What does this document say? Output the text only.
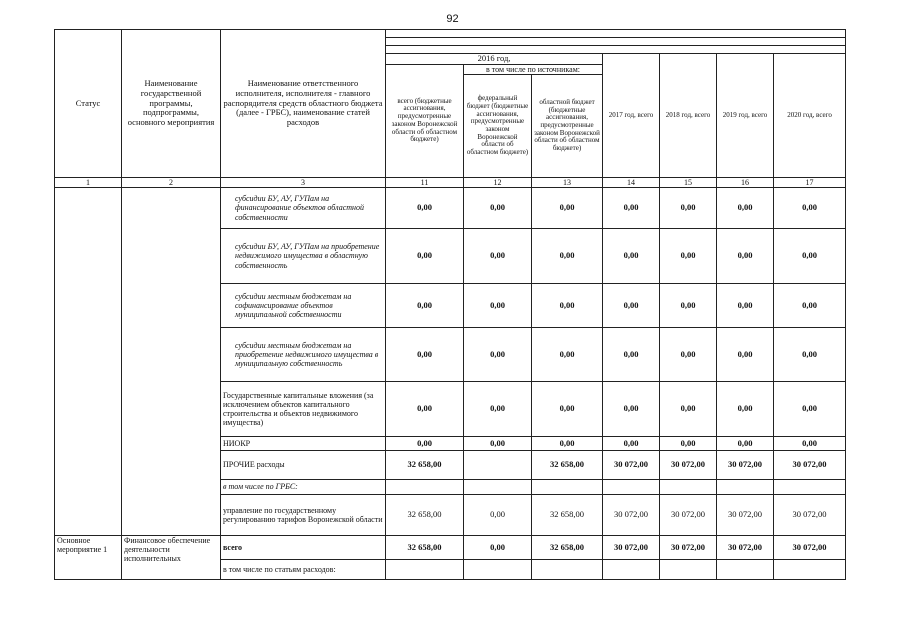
92
Статус	Наименование государственной программы, подпрограммы, основного мероприятия	Наименование ответственного исполнителя, исполнителя - главного распорядителя средств областного бюджета (далее - ГРБС), наименование статей расходов							

			2016 год,			2017 год, всего	2018 год, всего	2019 год, всего	2020 год, всего
			всего (бюджетные ассигнования, предусмотренные законом Воронежской области об областном бюджете)	в том числе по источникам:					
				федеральный бюджет (бюджетные ассигнования, предусмотренные законом Воронежской области об областном бюджете)	областной бюджет (бюджетные ассигнования, предусмотренные законом Воронежской области об областном бюджете)				
1	2	3	11	12	13	14	15	16	17
		субсидии БУ, АУ, ГУПам на финансирование объектов областной собственности	0,00	0,00	0,00	0,00	0,00	0,00	0,00
		субсидии БУ, АУ, ГУПам на приобретение недвижимого имущества в областную собственность	0,00	0,00	0,00	0,00	0,00	0,00	0,00
		субсидии местным бюджетам на софинансирование объектов муниципальной собственности	0,00	0,00	0,00	0,00	0,00	0,00	0,00
		субсидии местным бюджетам на приобретение недвижимого имущества в муниципальную собственность	0,00	0,00	0,00	0,00	0,00	0,00	0,00
		Государственные капитальные вложения (за исключением объектов капитального строительства и объектов недвижимого имущества)	0,00	0,00	0,00	0,00	0,00	0,00	0,00
		НИОКР	0,00	0,00	0,00	0,00	0,00	0,00	0,00
		ПРОЧИЕ расходы	32 658,00		32 658,00	30 072,00	30 072,00	30 072,00	30 072,00
		в том числе по ГРБС:							
		управление по государственному регулированию тарифов Воронежской области	32 658,00	0,00	32 658,00	30 072,00	30 072,00	30 072,00	30 072,00
Основное мероприятие 1	Финансовое обеспечение деятельности исполнительных	всего	32 658,00	0,00	32 658,00	30 072,00	30 072,00	30 072,00	30 072,00
		в том числе по статьям расходов:							
